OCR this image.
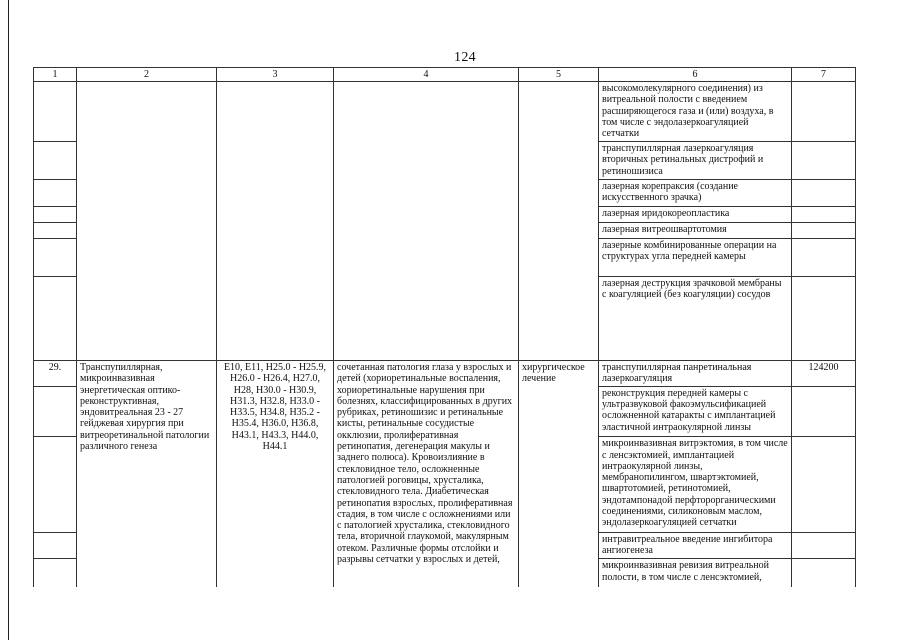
124
1	2	3	4	5	6	7
					высокомолекулярного соединения) из витреальной полости с введением расширяющегося газа и (или) воздуха, в том числе с эндолазеркоагуляцией сетчатки	
					транспупиллярная лазеркоагуляция вторичных ретинальных дистрофий и ретиношизиса	
					лазерная корепраксия (создание искусственного зрачка)	
					лазерная иридокореопластика	
					лазерная витреошвартотомия	
					лазерные комбинированные операции на структурах угла передней камеры	
					лазерная деструкция зрачковой мембраны с коагуляцией (без коагуляции) сосудов	
29.	Транспупиллярная, микроинвазивная энергетическая оптико-реконструктивная, эндовитреальная 23 - 27 гейджевая хирургия при витреоретинальной патологии различного генеза	E10, E11, H25.0 - H25.9, H26.0 - H26.4, H27.0, H28, H30.0 - H30.9, H31.3, H32.8, H33.0 - H33.5, H34.8, H35.2 - H35.4, H36.0, H36.8, H43.1, H43.3, H44.0, H44.1	сочетанная патология глаза у взрослых и детей (хориоретинальные воспаления, хориоретинальные нарушения при болезнях, классифицированных в других рубриках, ретиношизис и ретинальные кисты, ретинальные сосудистые окклюзии, пролиферативная ретинопатия, дегенерация макулы и заднего полюса). Кровоизлияние в стекловидное тело, осложненные патологией роговицы, хрусталика, стекловидного тела. Диабетическая ретинопатия взрослых, пролиферативная стадия, в том числе с осложнениями или с патологией хрусталика, стекловидного тела, вторичной глаукомой, макулярным отеком. Различные формы отслойки и разрывы сетчатки у взрослых и детей,	хирургическое лечение	транспупиллярная панретинальная лазеркоагуляция	124200
					реконструкция передней камеры с ультразвуковой факоэмульсификацией осложненной катаракты с имплантацией эластичной интраокулярной линзы	
					микроинвазивная витрэктомия, в том числе с ленсэктомией, имплантацией интраокулярной линзы, мембранопилингом, швартэктомией, швартотомией, ретинотомией, эндотампонадой перфторорганическими соединениями, силиконовым маслом, эндолазеркоагуляцией сетчатки	
					интравитреальное введение ингибитора ангиогенеза	
					микроинвазивная ревизия витреальной полости, в том числе с ленсэктомией,	
